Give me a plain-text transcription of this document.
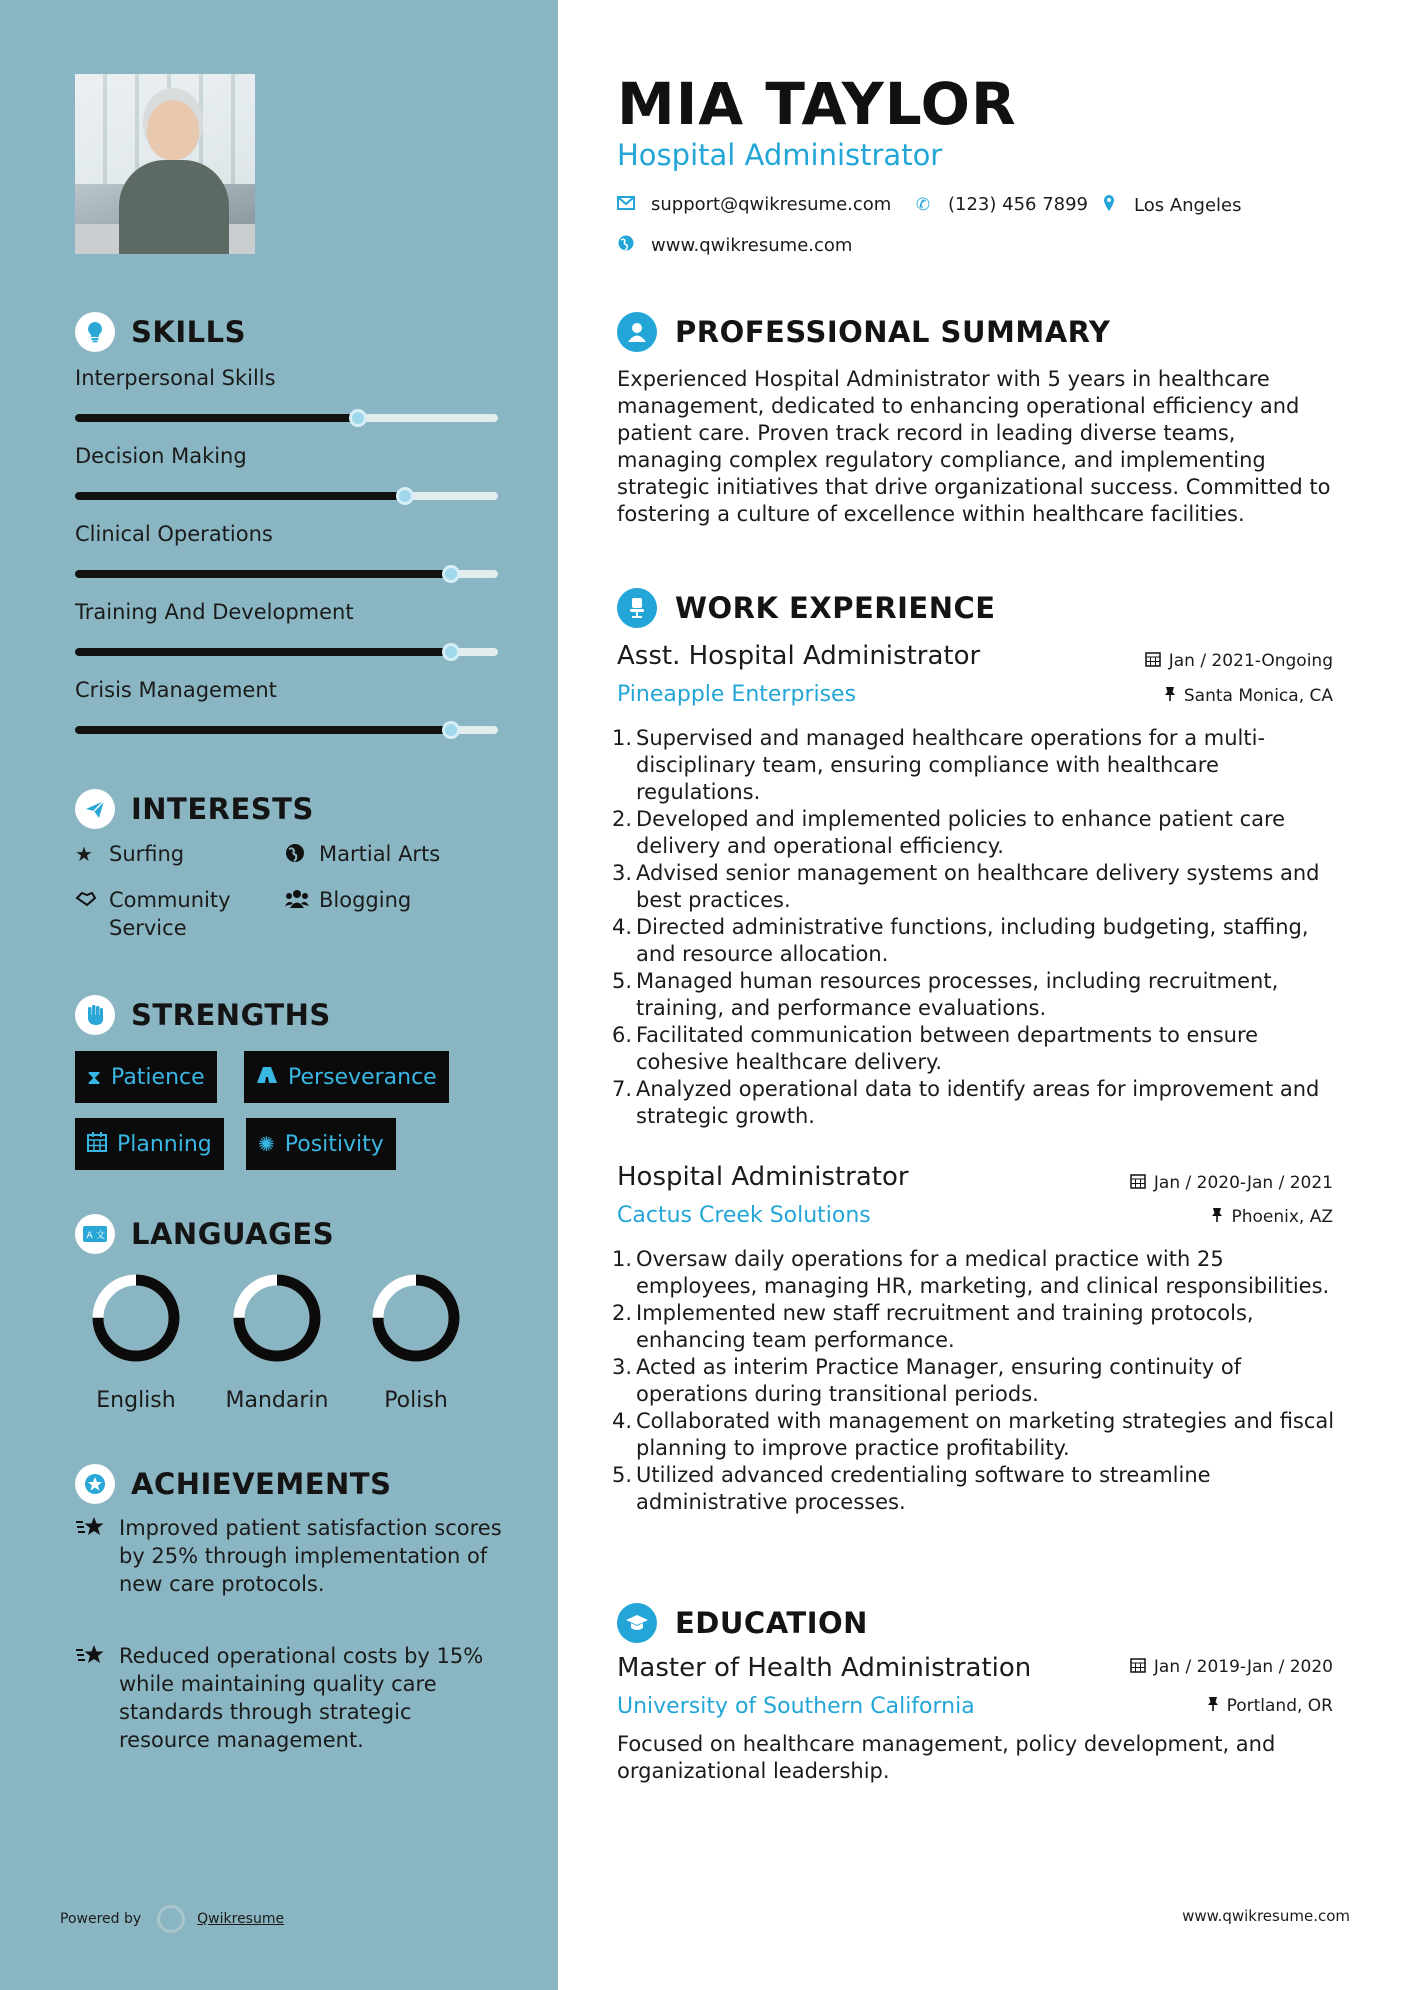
SKILLS
Interpersonal Skills
Decision Making
Clinical Operations
Training And Development
Crisis Management
INTERESTS
★ Surfing	Martial Arts
Community Service
Blogging
STRENGTHS
⧗ Patience	Perseverance
Planning ✺ Positivity
A 文 LANGUAGES
English	Mandarin	Polish
ACHIEVEMENTS
Improved patient satisfaction scores by 25% through implementation of new care protocols.
Reduced operational costs by 15% while maintaining quality care standards through strategic resource management.
Powered by	Qwikresume
MIA TAYLOR
Hospital Administrator
support@qwikresume.com ✆ (123) 456 7899	Los Angeles
www.qwikresume.com
PROFESSIONAL SUMMARY
Experienced Hospital Administrator with 5 years in healthcare management, dedicated to enhancing operational efficiency and patient care. Proven track record in leading diverse teams, managing complex regulatory compliance, and implementing strategic initiatives that drive organizational success. Committed to fostering a culture of excellence within healthcare facilities.
WORK EXPERIENCE
Asst. Hospital Administrator
Pineapple Enterprises
Jan / 2021-Ongoing
Santa Monica, CA
1. Supervised and managed healthcare operations for a multi-disciplinary team, ensuring compliance with healthcare regulations.
2. Developed and implemented policies to enhance patient care delivery and operational efficiency.
3. Advised senior management on healthcare delivery systems and best practices.
4. Directed administrative functions, including budgeting, staffing, and resource allocation.
5. Managed human resources processes, including recruitment, training, and performance evaluations.
6. Facilitated communication between departments to ensure cohesive healthcare delivery.
7. Analyzed operational data to identify areas for improvement and strategic growth.
Hospital Administrator
Cactus Creek Solutions
Jan / 2020-Jan / 2021
Phoenix, AZ
1. Oversaw daily operations for a medical practice with 25 employees, managing HR, marketing, and clinical responsibilities.
2. Implemented new staff recruitment and training protocols, enhancing team performance.
3. Acted as interim Practice Manager, ensuring continuity of operations during transitional periods.
4. Collaborated with management on marketing strategies and fiscal planning to improve practice profitability.
5. Utilized advanced credentialing software to streamline administrative processes.
EDUCATION
Master of Health Administration
University of Southern California
Jan / 2019-Jan / 2020
Portland, OR
Focused on healthcare management, policy development, and organizational leadership.
www.qwikresume.com
